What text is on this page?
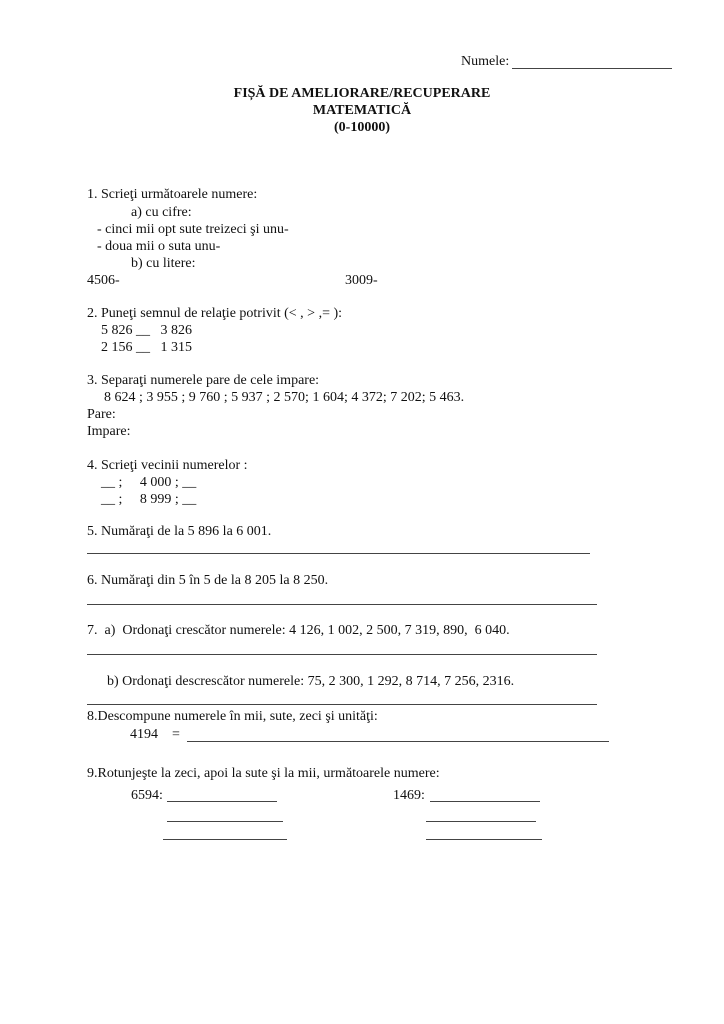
Numele:
FIȘĂ DE AMELIORARE/RECUPERARE
MATEMATICĂ
(0-10000)
1. Scrieţi următoarele numere:
a) cu cifre:
- cinci mii opt sute treizeci şi unu-
- doua mii o suta unu-
b) cu litere:
4506-	3009-
2. Puneţi semnul de relaţie potrivit (< , > ,= ):
5 826 __   3 826
2 156 __   1 315
3. Separaţi numerele pare de cele impare:
8 624 ; 3 955 ; 9 760 ; 5 937 ; 2 570; 1 604; 4 372; 7 202; 5 463.
Pare:
Impare:
4. Scrieţi vecinii numerelor :
__ ;     4 000 ; __
__ ;     8 999 ; __
5. Număraţi de la 5 896 la 6 001.
6. Număraţi din 5 în 5 de la 8 205 la 8 250.
7.  a)  Ordonaţi crescător numerele: 4 126, 1 002, 2 500, 7 319, 890,  6 040.
b) Ordonaţi descrescător numerele: 75, 2 300, 1 292, 8 714, 7 256, 2316.
8.Descompune numerele în mii, sute, zeci şi unităţi:
4194 =
9.Rotunjeşte la zeci, apoi la sute şi la mii, următoarele numere:
6594:	1469:
